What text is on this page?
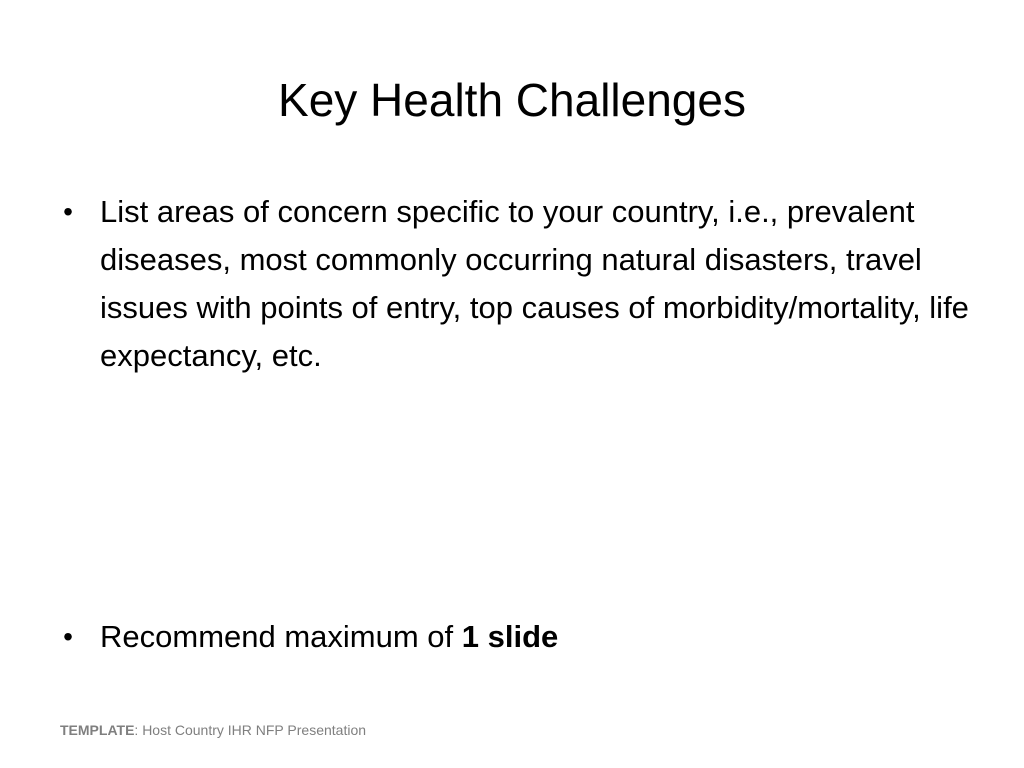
Key Health Challenges
• List areas of concern specific to your country, i.e., prevalent diseases, most commonly occurring natural disasters, travel issues with points of entry, top causes of morbidity/mortality, life expectancy, etc.
• Recommend maximum of 1 slide
TEMPLATE: Host Country IHR NFP Presentation
